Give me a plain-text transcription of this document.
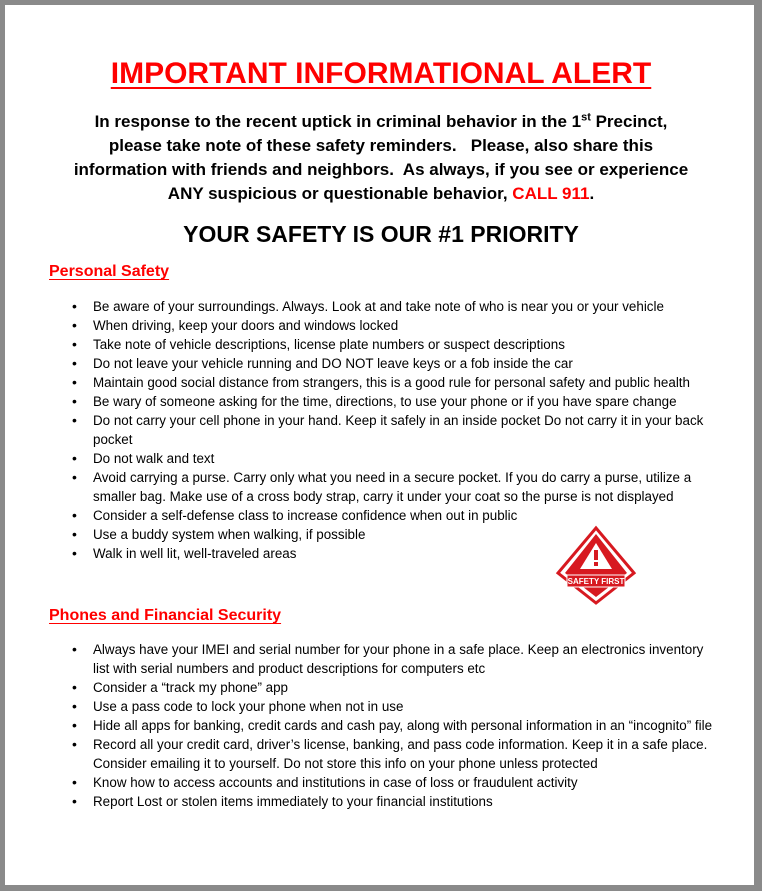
IMPORTANT INFORMATIONAL ALERT
In response to the recent uptick in criminal behavior in the 1st Precinct,
please take note of these safety reminders.   Please, also share this
information with friends and neighbors.  As always, if you see or experience
ANY suspicious or questionable behavior, CALL 911.
YOUR SAFETY IS OUR #1 PRIORITY
Personal Safety
• Be aware of your surroundings. Always. Look at and take note of who is near you or your vehicle
• When driving, keep your doors and windows locked
• Take note of vehicle descriptions, license plate numbers or suspect descriptions
• Do not leave your vehicle running and DO NOT leave keys or a fob inside the car
• Maintain good social distance from strangers, this is a good rule for personal safety and public health
• Be wary of someone asking for the time, directions, to use your phone or if you have spare change
• Do not carry your cell phone in your hand. Keep it safely in an inside pocket Do not carry it in your back pocket
• Do not walk and text
• Avoid carrying a purse. Carry only what you need in a secure pocket. If you do carry a purse, utilize a smaller bag. Make use of a cross body strap, carry it under your coat so the purse is not displayed
• Consider a self-defense class to increase confidence when out in public
• Use a buddy system when walking, if possible
• Walk in well lit, well-traveled areas
SAFETY FIRST
Phones and Financial Security
• Always have your IMEI and serial number for your phone in a safe place. Keep an electronics inventory list with serial numbers and product descriptions for computers etc
• Consider a “track my phone” app
• Use a pass code to lock your phone when not in use
• Hide all apps for banking, credit cards and cash pay, along with personal information in an “incognito” file
• Record all your credit card, driver’s license, banking, and pass code information. Keep it in a safe place. Consider emailing it to yourself. Do not store this info on your phone unless protected
• Know how to access accounts and institutions in case of loss or fraudulent activity
• Report Lost or stolen items immediately to your financial institutions
